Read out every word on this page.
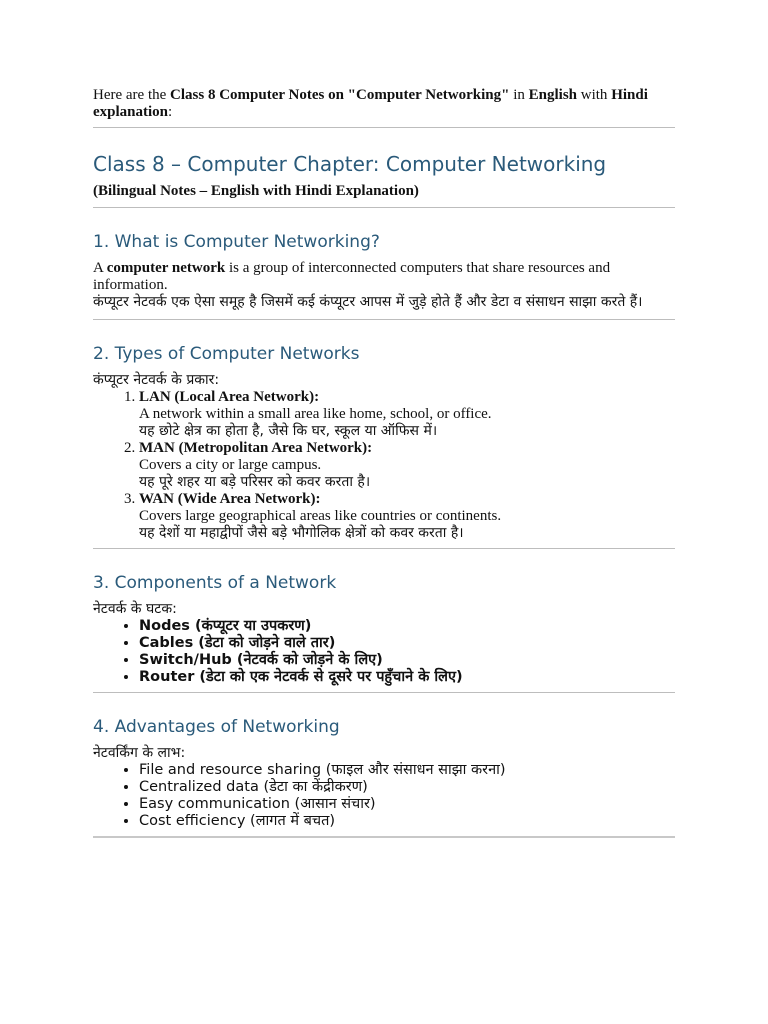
Here are the Class 8 Computer Notes on "Computer Networking" in English with Hindi explanation:

Class 8 – Computer Chapter: Computer Networking

(Bilingual Notes – English with Hindi Explanation)

1. What is Computer Networking?

A computer network is a group of interconnected computers that share resources and information.

कंप्यूटर नेटवर्क एक ऐसा समूह है जिसमें कई कंप्यूटर आपस में जुड़े होते हैं और डेटा व संसाधन साझा करते हैं।

2. Types of Computer Networks

कंप्यूटर नेटवर्क के प्रकार:

1. LAN (Local Area Network):
A network within a small area like home, school, or office.
यह छोटे क्षेत्र का होता है, जैसे कि घर, स्कूल या ऑफिस में।
2. MAN (Metropolitan Area Network):
Covers a city or large campus.
यह पूरे शहर या बड़े परिसर को कवर करता है।
3. WAN (Wide Area Network):
Covers large geographical areas like countries or continents.
यह देशों या महाद्वीपों जैसे बड़े भौगोलिक क्षेत्रों को कवर करता है।
3. Components of a Network

नेटवर्क के घटक:

• Nodes (कंप्यूटर या उपकरण)
• Cables (डेटा को जोड़ने वाले तार)
• Switch/Hub (नेटवर्क को जोड़ने के लिए)
• Router (डेटा को एक नेटवर्क से दूसरे पर पहुँचाने के लिए)
4. Advantages of Networking

नेटवर्किंग के लाभ:

• File and resource sharing (फाइल और संसाधन साझा करना)
• Centralized data (डेटा का केंद्रीकरण)
• Easy communication (आसान संचार)
• Cost efficiency (लागत में बचत)
